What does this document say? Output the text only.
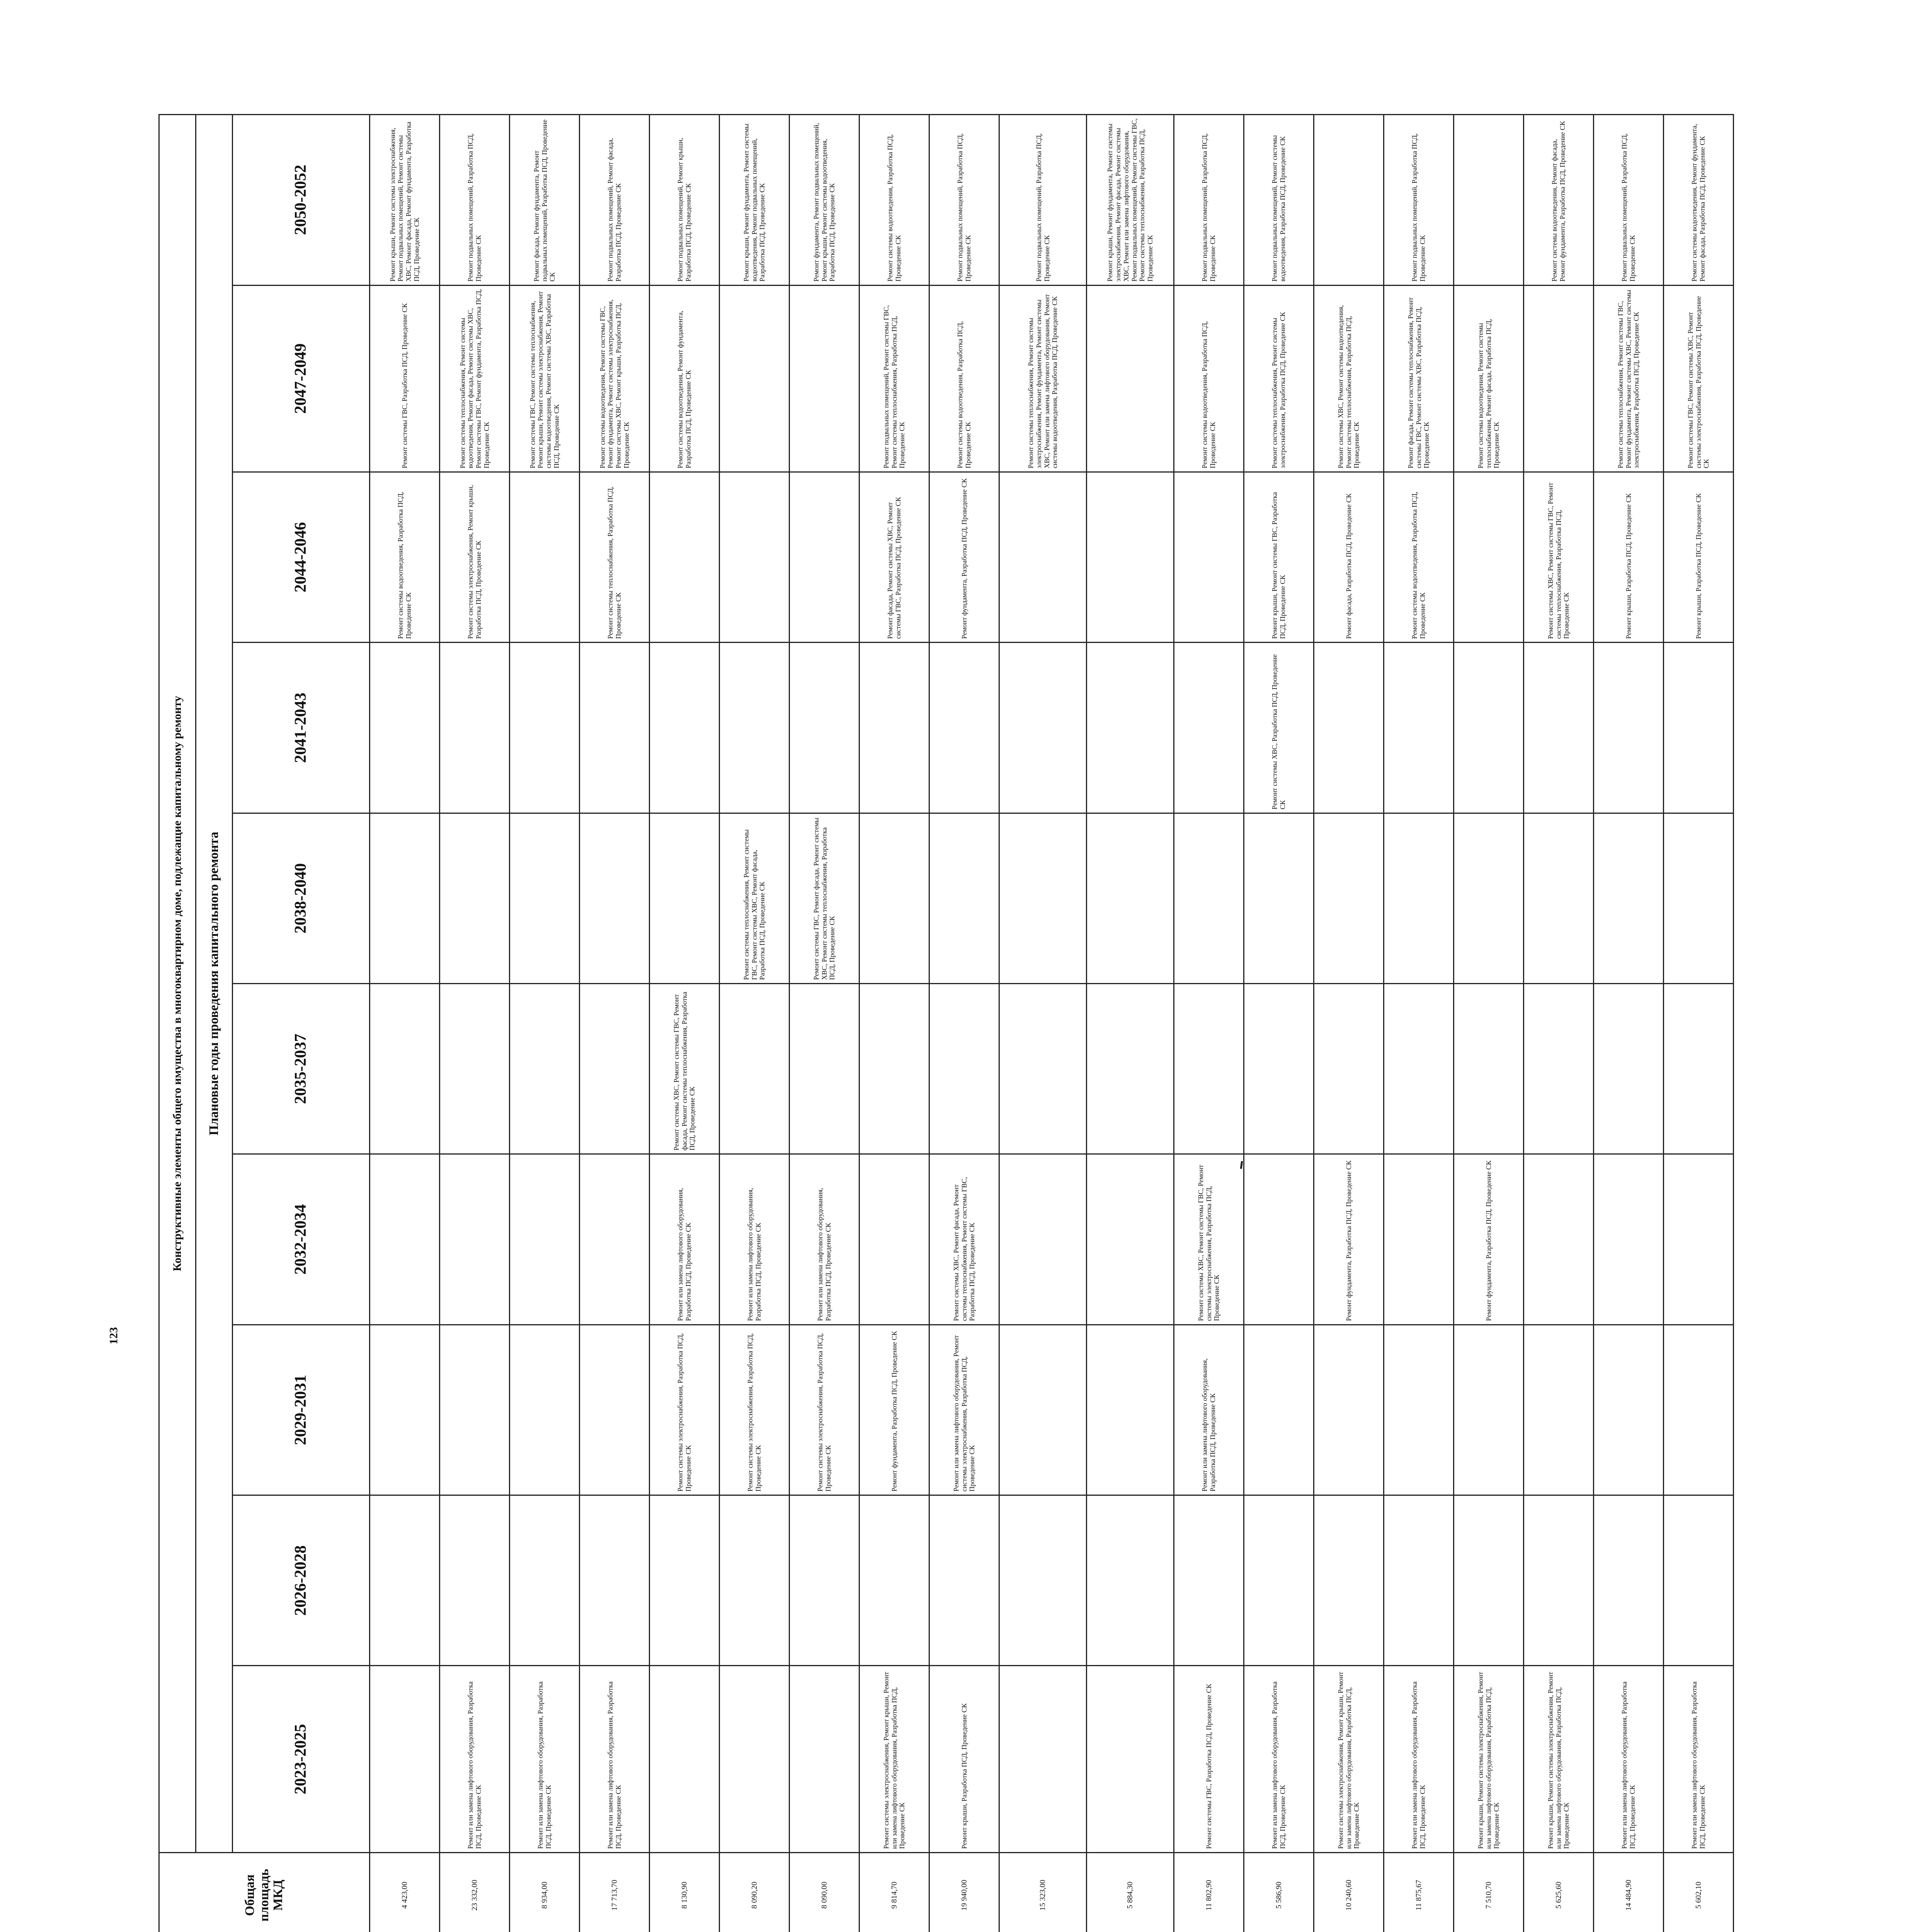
123
								Общая площадь МКД	Конструктивные элементы общего имущества в многоквартирном доме, подлежащие капитальному ремонту									
									Плановые годы проведения капитального ремонта									
									2023-2025	2026-2028	2029-2031	2032-2034	2035-2037	2038-2040	2041-2043	2044-2046	2047-2049	2050-2052
								4 423,00								Ремонт системы водоотведения, Разработка ПСД, Проведение СК	Ремонт системы ГВС, Разработка ПСД, Проведение СК	Ремонт крыши, Ремонт системы электроснабжения, Ремонт подвальных помещений, Ремонт системы ХВС, Ремонт фасада, Ремонт фундамента, Разработка ПСД, Проведение СК
								23 332,00	Ремонт или замена лифтового оборудования, Разработка ПСД, Проведение СК							Ремонт системы электроснабжения, Ремонт крыши, Разработка ПСД, Проведение СК	Ремонт системы теплоснабжения, Ремонт системы водоотведения, Ремонт фасада, Ремонт системы ХВС, Ремонт системы ГВС, Ремонт фундамента, Разработка ПСД, Проведение СК	Ремонт подвальных помещений, Разработка ПСД, Проведение СК
								8 934,00	Ремонт или замена лифтового оборудования, Разработка ПСД, Проведение СК								Ремонт системы ГВС, Ремонт системы теплоснабжения, Ремонт крыши, Ремонт системы электроснабжения, Ремонт системы водоотведения, Ремонт системы ХВС, Разработка ПСД, Проведение СК	Ремонт фасада, Ремонт фундамента, Ремонт подвальных помещений, Разработка ПСД, Проведение СК
								17 713,70	Ремонт или замена лифтового оборудования, Разработка ПСД, Проведение СК							Ремонт системы теплоснабжения, Разработка ПСД, Проведение СК	Ремонт системы водоотведения, Ремонт системы ГВС, Ремонт фундамента, Ремонт системы электроснабжения, Ремонт системы ХВС, Ремонт крыши, Разработка ПСД, Проведение СК	Ремонт подвальных помещений, Ремонт фасада, Разработка ПСД, Проведение СК
								8 130,90			Ремонт системы электроснабжения, Разработка ПСД, Проведение СК	Ремонт или замена лифтового оборудования, Разработка ПСД, Проведение СК	Ремонт системы ХВС, Ремонт системы ГВС, Ремонт фасада, Ремонт системы теплоснабжения, Разработка ПСД, Проведение СК				Ремонт системы водоотведения, Ремонт фундамента, Разработка ПСД, Проведение СК	Ремонт подвальных помещений, Ремонт крыши, Разработка ПСД, Проведение СК
								8 090,20			Ремонт системы электроснабжения, Разработка ПСД, Проведение СК	Ремонт или замена лифтового оборудования, Разработка ПСД, Проведение СК		Ремонт системы теплоснабжения, Ремонт системы ГВС, Ремонт системы ХВС, Ремонт фасада, Разработка ПСД, Проведение СК				Ремонт крыши, Ремонт фундамента, Ремонт системы водоотведения, Ремонт подвальных помещений, Разработка ПСД, Проведение СК
								8 090,00			Ремонт системы электроснабжения, Разработка ПСД, Проведение СК	Ремонт или замена лифтового оборудования, Разработка ПСД, Проведение СК		Ремонт системы ГВС, Ремонт фасада, Ремонт системы ХВС, Ремонт системы теплоснабжения, Разработка ПСД, Проведение СК				Ремонт фундамента, Ремонт подвальных помещений, Ремонт крыши, Ремонт системы водоотведения, Разработка ПСД, Проведение СК
								9 814,70	Ремонт системы электроснабжения, Ремонт крыши, Ремонт или замена лифтового оборудования, Разработка ПСД, Проведение СК		Ремонт фундамента, Разработка ПСД, Проведение СК					Ремонт фасада, Ремонт системы ХВС, Ремонт системы ГВС, Разработка ПСД, Проведение СК	Ремонт подвальных помещений, Ремонт системы ГВС, Ремонт системы теплоснабжения, Разработка ПСД, Проведение СК	Ремонт системы водоотведения, Разработка ПСД, Проведение СК
								19 940,00	Ремонт крыши, Разработка ПСД, Проведение СК		Ремонт или замена лифтового оборудования, Ремонт системы электроснабжения, Разработка ПСД, Проведение СК	Ремонт системы ХВС, Ремонт фасада, Ремонт системы теплоснабжения, Ремонт системы ГВС, Разработка ПСД, Проведение СК				Ремонт фундамента, Разработка ПСД, Проведение СК	Ремонт системы водоотведения, Разработка ПСД, Проведение СК	Ремонт подвальных помещений, Разработка ПСД, Проведение СК
								15 323,00									Ремонт системы теплоснабжения, Ремонт системы электроснабжения, Ремонт фундамента, Ремонт системы ХВС, Ремонт или замена лифтового оборудования, Ремонт системы водоотведения, Разработка ПСД, Проведение СК	Ремонт подвальных помещений, Разработка ПСД, Проведение СК
								5 884,30										Ремонт крыши, Ремонт фундамента, Ремонт системы электроснабжения, Ремонт фасада, Ремонт системы ХВС, Ремонт или замена лифтового оборудования, Ремонт подвальных помещений, Ремонт системы ГВС, Ремонт системы теплоснабжения, Разработка ПСД, Проведение СК
								11 802,90	Ремонт системы ГВС, Разработка ПСД, Проведение СК		Ремонт или замена лифтового оборудования, Разработка ПСД, Проведение СК	Ремонт системы ХВС, Ремонт системы ГВС, Ремонт системы электроснабжения, Разработка ПСД, Проведение СК					Ремонт системы водоотведения, Разработка ПСД, Проведение СК	Ремонт подвальных помещений, Разработка ПСД, Проведение СК
								5 586,90	Ремонт или замена лифтового оборудования, Разработка ПСД, Проведение СК						Ремонт системы ХВС, Разработка ПСД, Проведение СК	Ремонт крыши, Ремонт системы ГВС, Разработка ПСД, Проведение СК	Ремонт системы теплоснабжения, Ремонт системы электроснабжения, Разработка ПСД, Проведение СК	Ремонт подвальных помещений, Ремонт системы водоотведения, Разработка ПСД, Проведение СК
								10 240,60	Ремонт системы электроснабжения, Ремонт крыши, Ремонт или замена лифтового оборудования, Разработка ПСД, Проведение СК			Ремонт фундамента, Разработка ПСД, Проведение СК				Ремонт фасада, Разработка ПСД, Проведение СК	Ремонт системы ХВС, Ремонт системы водоотведения, Ремонт системы теплоснабжения, Разработка ПСД, Проведение СК	
								11 875,67	Ремонт или замена лифтового оборудования, Разработка ПСД, Проведение СК							Ремонт системы водоотведения, Разработка ПСД, Проведение СК	Ремонт фасада, Ремонт системы теплоснабжения, Ремонт системы ГВС, Ремонт системы ХВС, Разработка ПСД, Проведение СК	Ремонт подвальных помещений, Разработка ПСД, Проведение СК
								7 510,70	Ремонт крыши, Ремонт системы электроснабжения, Ремонт или замена лифтового оборудования, Разработка ПСД, Проведение СК			Ремонт фундамента, Разработка ПСД, Проведение СК					Ремонт системы водоотведения, Ремонт системы теплоснабжения, Ремонт фасада, Разработка ПСД, Проведение СК	
								5 625,60	Ремонт крыши, Ремонт системы электроснабжения, Ремонт или замена лифтового оборудования, Разработка ПСД, Проведение СК							Ремонт системы ХВС, Ремонт системы ГВС, Ремонт системы теплоснабжения, Разработка ПСД, Проведение СК		Ремонт системы водоотведения, Ремонт фасада, Ремонт фундамента, Разработка ПСД, Проведение СК
								14 484,90	Ремонт или замена лифтового оборудования, Разработка ПСД, Проведение СК							Ремонт крыши, Разработка ПСД, Проведение СК	Ремонт системы теплоснабжения, Ремонт системы ГВС, Ремонт фундамента, Ремонт системы ХВС, Ремонт системы электроснабжения, Разработка ПСД, Проведение СК	Ремонт подвальных помещений, Разработка ПСД, Проведение СК
								5 602,10	Ремонт или замена лифтового оборудования, Разработка ПСД, Проведение СК							Ремонт крыши, Разработка ПСД, Проведение СК	Ремонт системы ГВС, Ремонт системы ХВС, Ремонт системы электроснабжения, Разработка ПСД, Проведение СК	Ремонт системы водоотведения, Ремонт фундамента, Ремонт фасада, Разработка ПСД, Проведение СК
